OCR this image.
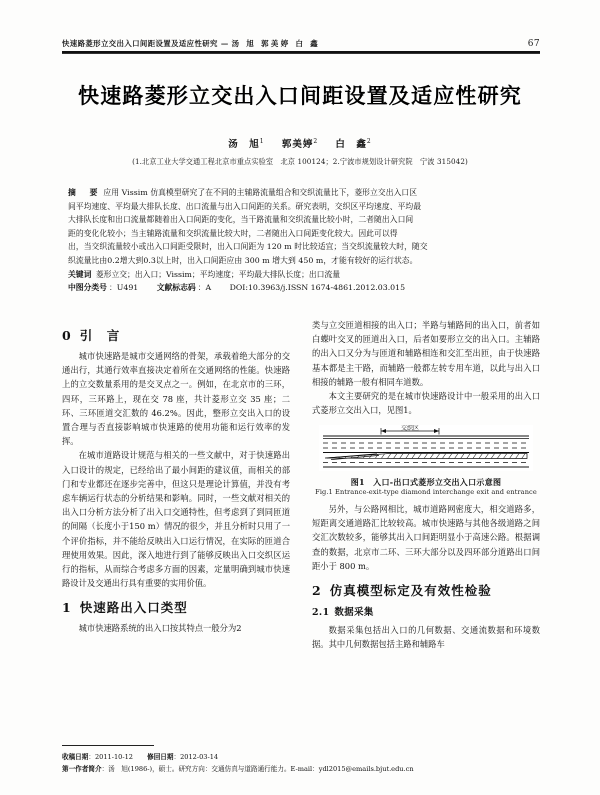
快速路菱形立交出入口间距设置及适应性研究 — 汤 旭 郭美婷 白 鑫	67
快速路菱形立交出入口间距设置及适应性研究
汤　旭$^1$ 郭美婷$^2$ 白　鑫$^2$
(1.北京工业大学交通工程北京市重点实验室　北京 100124；2.宁波市规划设计研究院　宁波 315042)
摘　要 应用 Vissim 仿真模型研究了在不同的主辅路流量组合和交织流量比下，菱形立交出入口区
间平均速度、平均最大排队长度、出口流量与出入口间距的关系。研究表明，交织区平均速度、平均最
大排队长度和出口流量都随着出入口间距的变化，当干路流量和交织流量比较小时，二者随出入口间
距的变化化较小；当主辅路流量和交织流量比较大时，二者随出入口间距变化较大。因此可以得
出，当交织流量较小或出入口间距受限时，出入口间距为 120 m 时比较适宜；当交织流量较大时，随交
织流量比由0.2增大到0.3以上时，出入口间距应由 300 m 增大到 450 m，才能有较好的运行状态。
关键词 菱形立交；出入口；Vissim；平均速度；平均最大排队长度；出口流量
中图分类号 ：U491 文献标志码 ：A DOI:10.3963/j.ISSN 1674-4861.2012.03.015
0 引　言

城市快速路是城市交通网络的骨架，承载着绝大部分的交通出行，其通行效率直接决定着所在交通网络的性能。快速路上的立交数量系用的是交叉点之一。例如，在北京市的三环，四环，三环路上，现在交 78 座，共计菱形立交 35 座；二环、三环匝道交汇数的 46.2%。因此，整形立交出入口的设置合理与否直接影响城市快速路的使用功能和运行效率的发挥。

在城市道路设计规范与相关的一些文献中，对于快速路出入口设计的规定，已经给出了最小间距的建议值，而相关的部门和专业都还在逐步完善中，但这只是理论计算值，并没有考虑车辆运行状态的分析结果和影响。同时，一些文献对相关的出入口分析方法分析了出入口交通特性，但考虑到了到同匝道的间隔（长度小于150 m）情况的很少，并且分析时只用了一个评价指标，并不能给反映出入口运行情况，在实际的匝道合理使用效果。因此，深入地进行到了能够反映出入口交织区运行的指标，从而综合考虑多方面的因素，定量明确到城市快速路设计及交通出行具有重要的实用价值。

1 快速路出入口类型

城市快速路系统的出入口按其特点一般分为2

类与立交匝道相接的出入口；半路与辅路间的出入口，前者如白蝶叶交叉的匝道出入口，后者如要形立交的出入口。主辅路的出入口又分为与匝道和辅路相连和交汇至出匝，由于快速路基本都是主干路，而辅路一般都左转专用车道，以此与出入口相接的辅路一般有相同车道数。

本文主要研究的是在城市快速路设计中一般采用的出入口式菱形立交出入口，见图1。

交织区
图1　入口-出口式菱形立交出入口示意图
Fig.1 Entrance-exit-type diamond interchange exit and entrance

另外，与公路网相比，城市道路网密度大，相交道路多，短距离交通道路汇比较较高。城市快速路与其他各级道路之间交汇次数较多，能够其出入口间距明显小于高速公路。根据调查的数据，北京市二环、三环大部分以及四环部分道路出口间距小于 800 m。

2 仿真模型标定及有效性检验
2.1 数据采集

数据采集包括出入口的几何数据、交通流数据和环境数据。其中几何数据包括主路和辅路车

收稿日期：2011-10-12 修回日期：2012-03-14
第一作者简介：汤　旭(1986-)，硕士。研究方向：交通仿真与道路通行能力。E-mail：ydl2015@emails.bjut.edu.cn
